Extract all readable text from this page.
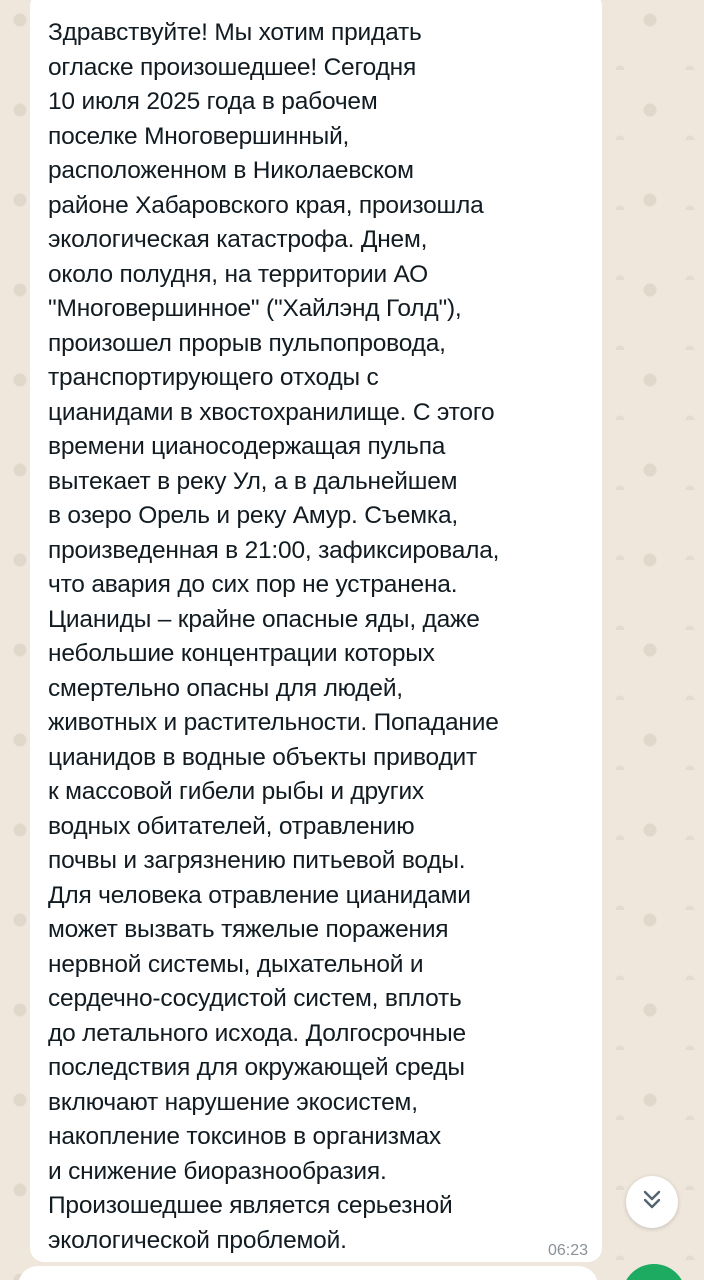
Здравствуйте! Мы хотим придать
огласке произошедшее! Сегодня
10 июля 2025 года в рабочем
поселке Многовершинный,
расположенном в Николаевском
районе Хабаровского края, произошла
экологическая катастрофа. Днем,
около полудня, на территории АО
"Многовершинное" ("Хайлэнд Голд"),
произошел прорыв пульпопровода,
транспортирующего отходы с
цианидами в хвостохранилище. С этого
времени цианосодержащая пульпа
вытекает в реку Ул, а в дальнейшем
в озеро Орель и реку Амур. Съемка,
произведенная в 21:00, зафиксировала,
что авария до сих пор не устранена.
Цианиды – крайне опасные яды, даже
небольшие концентрации которых
смертельно опасны для людей,
животных и растительности. Попадание
цианидов в водные объекты приводит
к массовой гибели рыбы и других
водных обитателей, отравлению
почвы и загрязнению питьевой воды.
Для человека отравление цианидами
может вызвать тяжелые поражения
нервной системы, дыхательной и
сердечно-сосудистой систем, вплоть
до летального исхода. Долгосрочные
последствия для окружающей среды
включают нарушение экосистем,
накопление токсинов в организмах
и снижение биоразнообразия.
Произошедшее является серьезной
экологической проблемой.	06:23
